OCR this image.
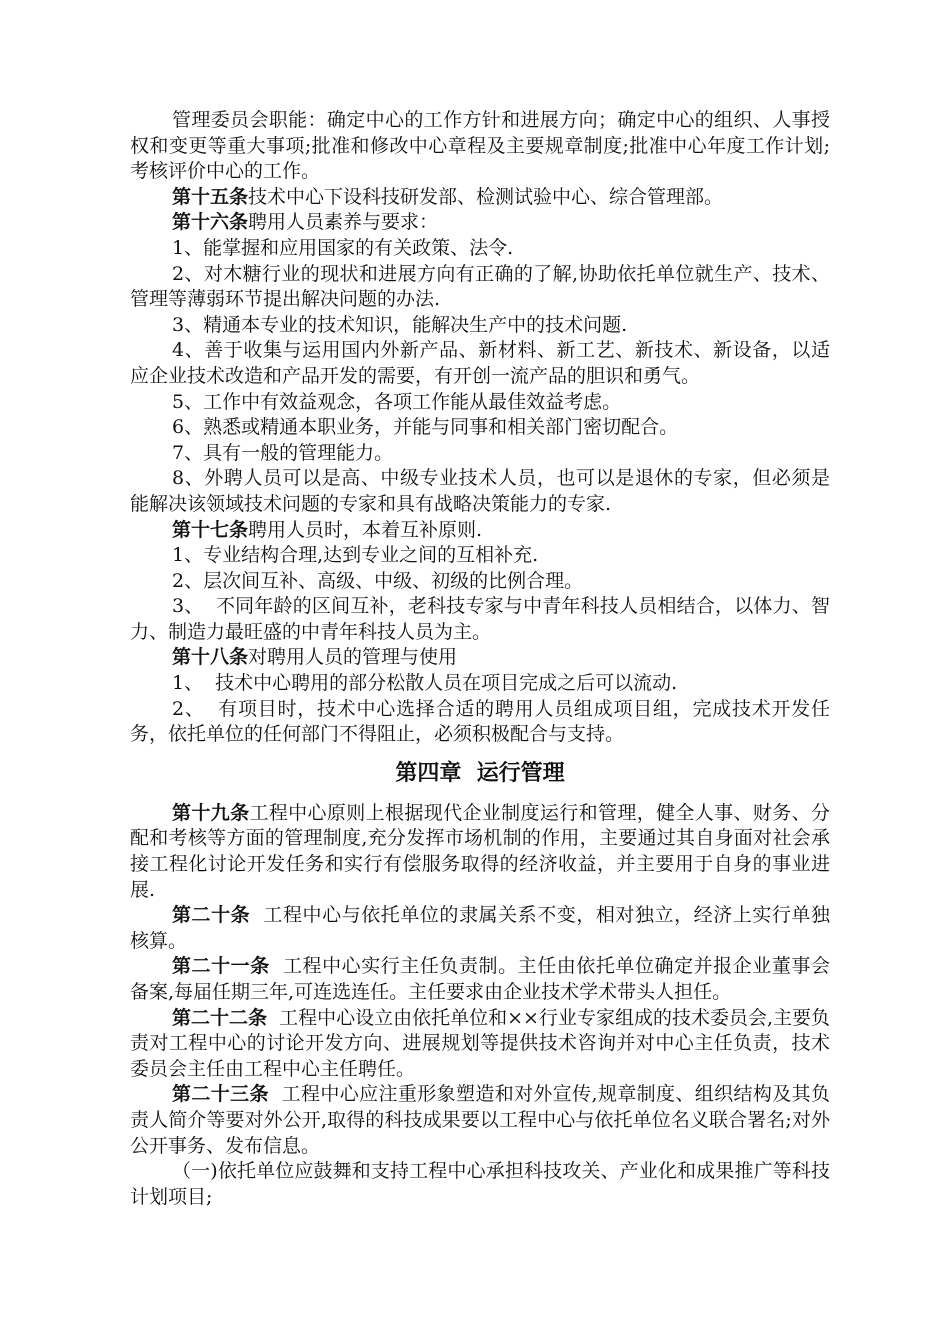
管理委员会职能：确定中心的工作方针和进展方向；确定中心的组织、人事授权和变更等重大事项;批准和修改中心章程及主要规章制度;批准中心年度工作计划;考核评价中心的工作。

第十五条技术中心下设科技研发部、检测试验中心、综合管理部。

第十六条聘用人员素养与要求：

1、能掌握和应用国家的有关政策、法令.

2、对木糖行业的现状和进展方向有正确的了解,协助依托单位就生产、技术、管理等薄弱环节提出解决问题的办法.

3、精通本专业的技术知识，能解决生产中的技术问题.

4、善于收集与运用国内外新产品、新材料、新工艺、新技术、新设备，以适应企业技术改造和产品开发的需要，有开创一流产品的胆识和勇气。

5、工作中有效益观念，各项工作能从最佳效益考虑。

6、熟悉或精通本职业务，并能与同事和相关部门密切配合。

7、具有一般的管理能力。

8、外聘人员可以是高、中级专业技术人员，也可以是退休的专家，但必须是能解决该领域技术问题的专家和具有战略决策能力的专家.

第十七条聘用人员时，本着互补原则.

1、专业结构合理,达到专业之间的互相补充.

2、层次间互补、高级、中级、初级的比例合理。

3、  不同年龄的区间互补，老科技专家与中青年科技人员相结合，以体力、智力、制造力最旺盛的中青年科技人员为主。

第十八条对聘用人员的管理与使用

1、  技术中心聘用的部分松散人员在项目完成之后可以流动.

2、  有项目时，技术中心选择合适的聘用人员组成项目组，完成技术开发任务，依托单位的任何部门不得阻止，必须积极配合与支持。

第四章  运行管理

第十九条工程中心原则上根据现代企业制度运行和管理，健全人事、财务、分配和考核等方面的管理制度,充分发挥市场机制的作用，主要通过其自身面对社会承接工程化讨论开发任务和实行有偿服务取得的经济收益，并主要用于自身的事业进展.

第二十条  工程中心与依托单位的隶属关系不变，相对独立，经济上实行单独核算。

第二十一条  工程中心实行主任负责制。主任由依托单位确定并报企业董事会备案,每届任期三年,可连选连任。主任要求由企业技术学术带头人担任。

第二十二条  工程中心设立由依托单位和××行业专家组成的技术委员会,主要负责对工程中心的讨论开发方向、进展规划等提供技术咨询并对中心主任负责，技术委员会主任由工程中心主任聘任。

第二十三条  工程中心应注重形象塑造和对外宣传,规章制度、组织结构及其负责人简介等要对外公开,取得的科技成果要以工程中心与依托单位名义联合署名;对外公开事务、发布信息。

（一)依托单位应鼓舞和支持工程中心承担科技攻关、产业化和成果推广等科技计划项目;
